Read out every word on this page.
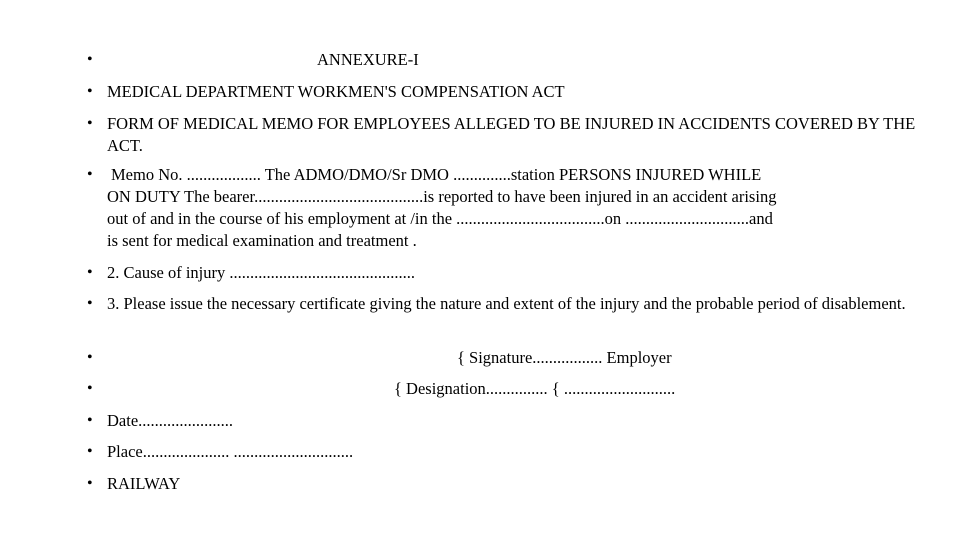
•	ANNEXURE-I
• MEDICAL DEPARTMENT WORKMEN'S COMPENSATION ACT
• FORM OF MEDICAL MEMO FOR EMPLOYEES ALLEGED TO BE INJURED IN ACCIDENTS COVERED BY THE ACT.
• Memo No. .................. The ADMO/DMO/Sr DMO ..............station PERSONS INJURED WHILE
ON DUTY The bearer.........................................is reported to have been injured in an accident arising
out of and in the course of his employment at /in the ....................................on ..............................and
is sent for medical examination and treatment .
• 2. Cause of injury .............................................
• 3. Please issue the necessary certificate giving the nature and extent of the injury and the probable period of disablement.
•	{ Signature................. Employer
•	{ Designation............... { ...........................
• Date.......................
• Place..................... .............................
• RAILWAY
